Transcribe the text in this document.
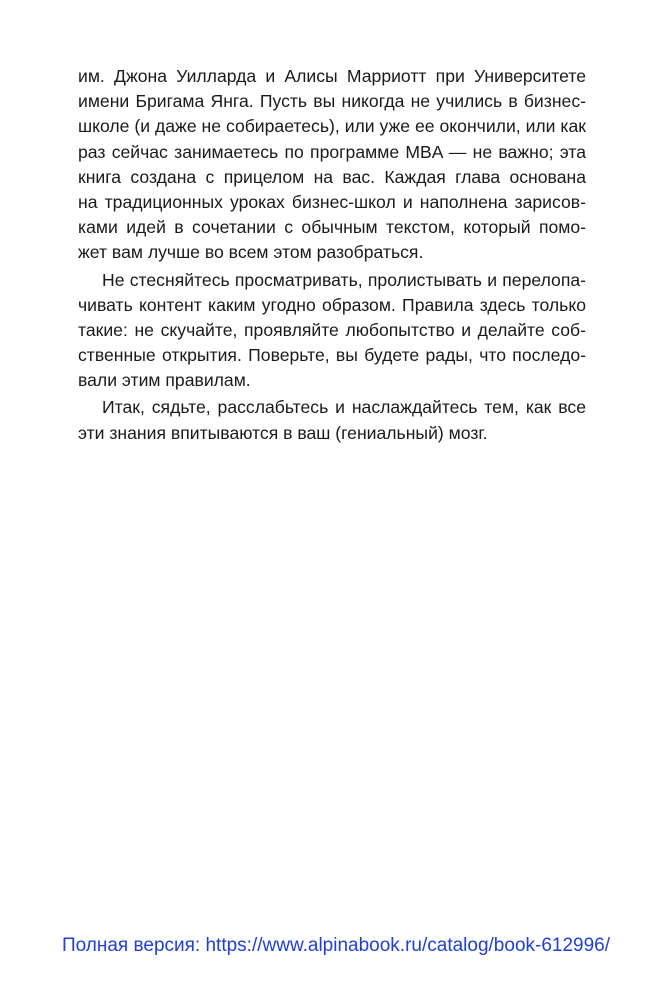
им. Джона Уилларда и Алисы Марриотт при Университете
имени Бригама Янга. Пусть вы никогда не учились в бизнес-
школе (и даже не собираетесь), или уже ее окончили, или как
раз сейчас занимаетесь по программе MBA — не важно; эта
книга создана с прицелом на вас. Каждая глава основана
на традиционных уроках бизнес-школ и наполнена зарисов-
ками идей в сочетании с обычным текстом, который помо-
жет вам лучше во всем этом разобраться.
Не стесняйтесь просматривать, пролистывать и перелопа-
чивать контент каким угодно образом. Правила здесь только
такие: не скучайте, проявляйте любопытство и делайте соб-
ственные открытия. Поверьте, вы будете рады, что последо-
вали этим правилам.
Итак, сядьте, расслабьтесь и наслаждайтесь тем, как все
эти знания впитываются в ваш (гениальный) мозг.
Полная версия: https://www.alpinabook.ru/catalog/book-612996/
